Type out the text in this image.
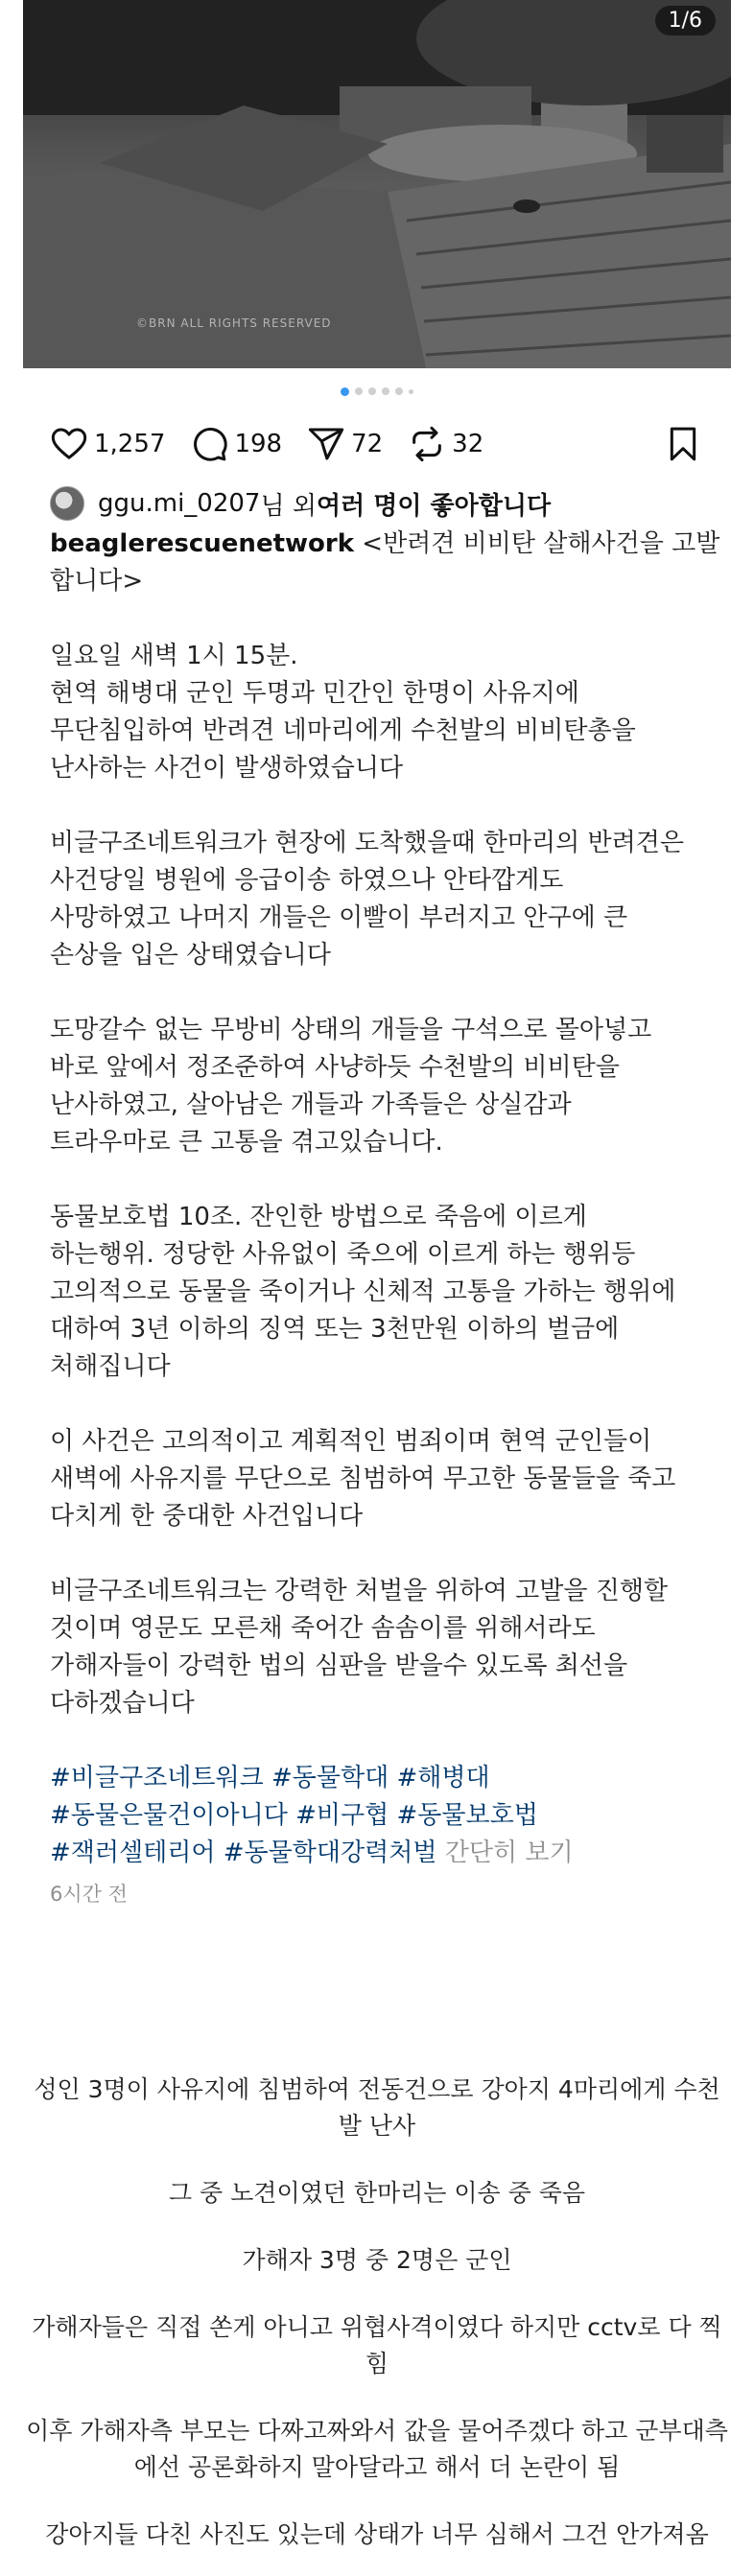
1/6
©BRN ALL RIGHTS RESERVED
1,257	198	72	32
ggu.mi_0207 님 외 여러 명이 좋아합니다
beaglerescuenetwork <반려견 비비탄 살해사건을 고발합니다>
일요일 새벽 1시 15분.
현역 해병대 군인 두명과 민간인 한명이 사유지에
무단침입하여 반려견 네마리에게 수천발의 비비탄총을
난사하는 사건이 발생하였습니다
비글구조네트워크가 현장에 도착했을때 한마리의 반려견은
사건당일 병원에 응급이송 하였으나 안타깝게도
사망하였고 나머지 개들은 이빨이 부러지고 안구에 큰
손상을 입은 상태였습니다
도망갈수 없는 무방비 상태의 개들을 구석으로 몰아넣고
바로 앞에서 정조준하여 사냥하듯 수천발의 비비탄을
난사하였고, 살아남은 개들과 가족들은 상실감과
트라우마로 큰 고통을 겪고있습니다.
동물보호법 10조. 잔인한 방법으로 죽음에 이르게
하는행위. 정당한 사유없이 죽으에 이르게 하는 행위등
고의적으로 동물을 죽이거나 신체적 고통을 가하는 행위에
대하여 3년 이하의 징역 또는 3천만원 이하의 벌금에
처해집니다
이 사건은 고의적이고 계획적인 범죄이며 현역 군인들이
새벽에 사유지를 무단으로 침범하여 무고한 동물들을 죽고
다치게 한 중대한 사건입니다
비글구조네트워크는 강력한 처벌을 위하여 고발을 진행할
것이며 영문도 모른채 죽어간 솜솜이를 위해서라도
가해자들이 강력한 법의 심판을 받을수 있도록 최선을
다하겠습니다
#비글구조네트워크 #동물학대 #해병대
#동물은물건이아니다 #비구협 #동물보호법
#잭러셀테리어 #동물학대강력처벌 간단히 보기
6시간 전

성인 3명이 사유지에 침범하여 전동건으로 강아지 4마리에게 수천발 난사

그 중 노견이였던 한마리는 이송 중 죽음

가해자 3명 중 2명은 군인

가해자들은 직접 쏜게 아니고 위협사격이였다 하지만 cctv로 다 찍힘

이후 가해자측 부모는 다짜고짜와서 값을 물어주겠다 하고 군부대측에선 공론화하지 말아달라고 해서 더 논란이 됨

강아지들 다친 사진도 있는데 상태가 너무 심해서 그건 안가져옴
